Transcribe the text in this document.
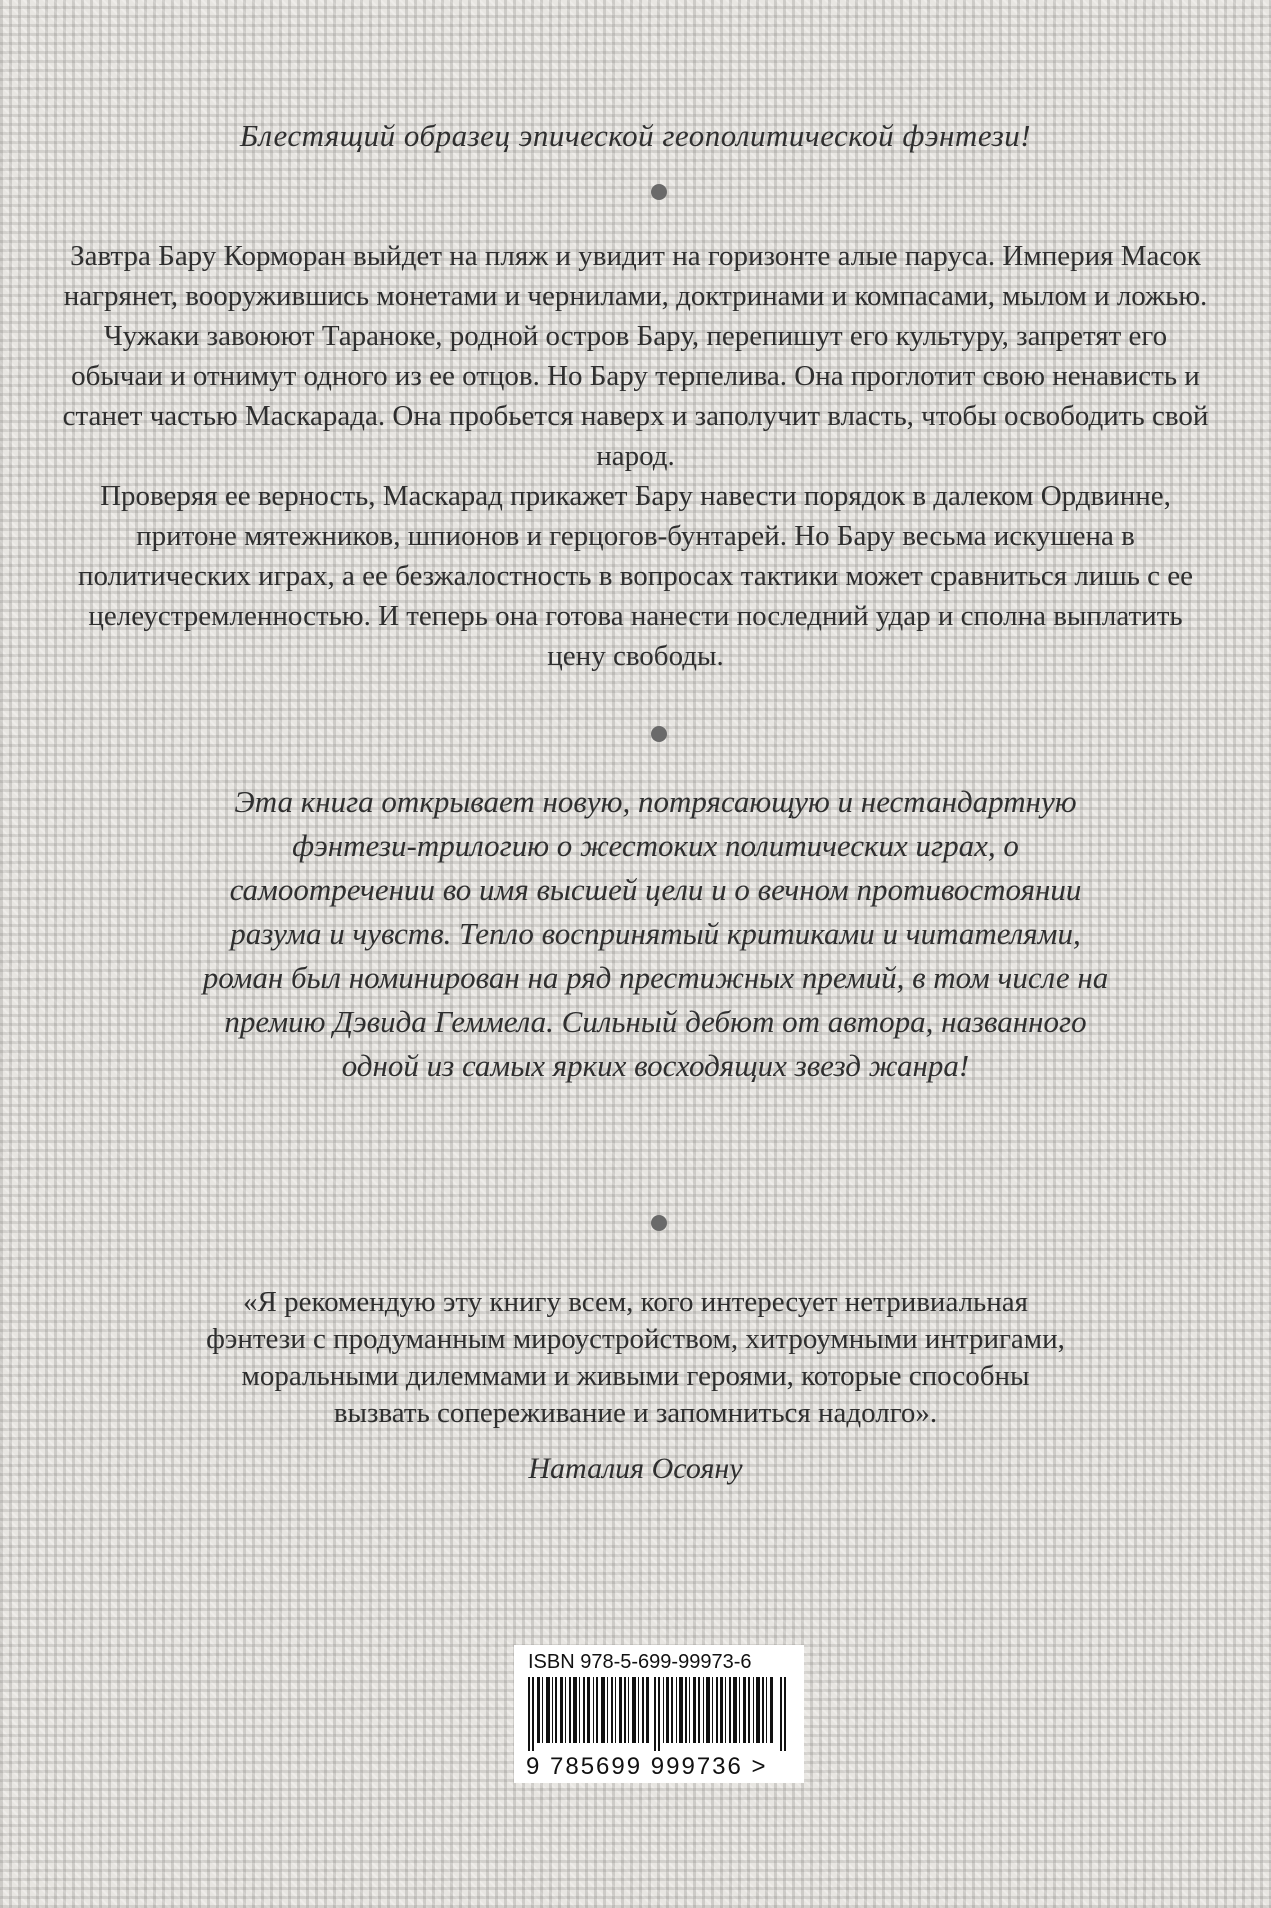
Блестящий образец эпической геополитической фэнтези!

Завтра Бару Корморан выйдет на пляж и увидит на горизонте алые паруса. Империя Масок нагрянет, вооружившись монетами и чернилами, доктринами и компасами, мылом и ложью. Чужаки завоюют Тараноке, родной остров Бару, перепишут его культуру, запретят его обычаи и отнимут одного из ее отцов. Но Бару терпелива. Она проглотит свою ненависть и станет частью Маскарада. Она пробьется наверх и заполучит власть, чтобы освободить свой народ.

Проверяя ее верность, Маскарад прикажет Бару навести порядок в далеком Ордвинне, притоне мятежников, шпионов и герцогов-бунтарей. Но Бару весьма искушена в политических играх, а ее безжалостность в вопросах тактики может сравниться лишь с ее целеустремленностью. И теперь она готова нанести последний удар и сполна выплатить цену свободы.

Эта книга открывает новую, потрясающую и нестандартную фэнтези-трилогию о жестоких политических играх, о самоотречении во имя высшей цели и о вечном противостоянии разума и чувств. Тепло воспринятый критиками и читателями, роман был номинирован на ряд престижных премий, в том числе на премию Дэвида Геммела. Сильный дебют от автора, названного одной из самых ярких восходящих звезд жанра!
«Я рекомендую эту книгу всем, кого интересует нетривиальная фэнтези с продуманным мироустройством, хитроумными интригами, моральными дилеммами и живыми героями, которые способны вызвать сопереживание и запомниться надолго».
Наталия Осояну
ISBN 978-5-699-99973-6
9 785699 999736 >
